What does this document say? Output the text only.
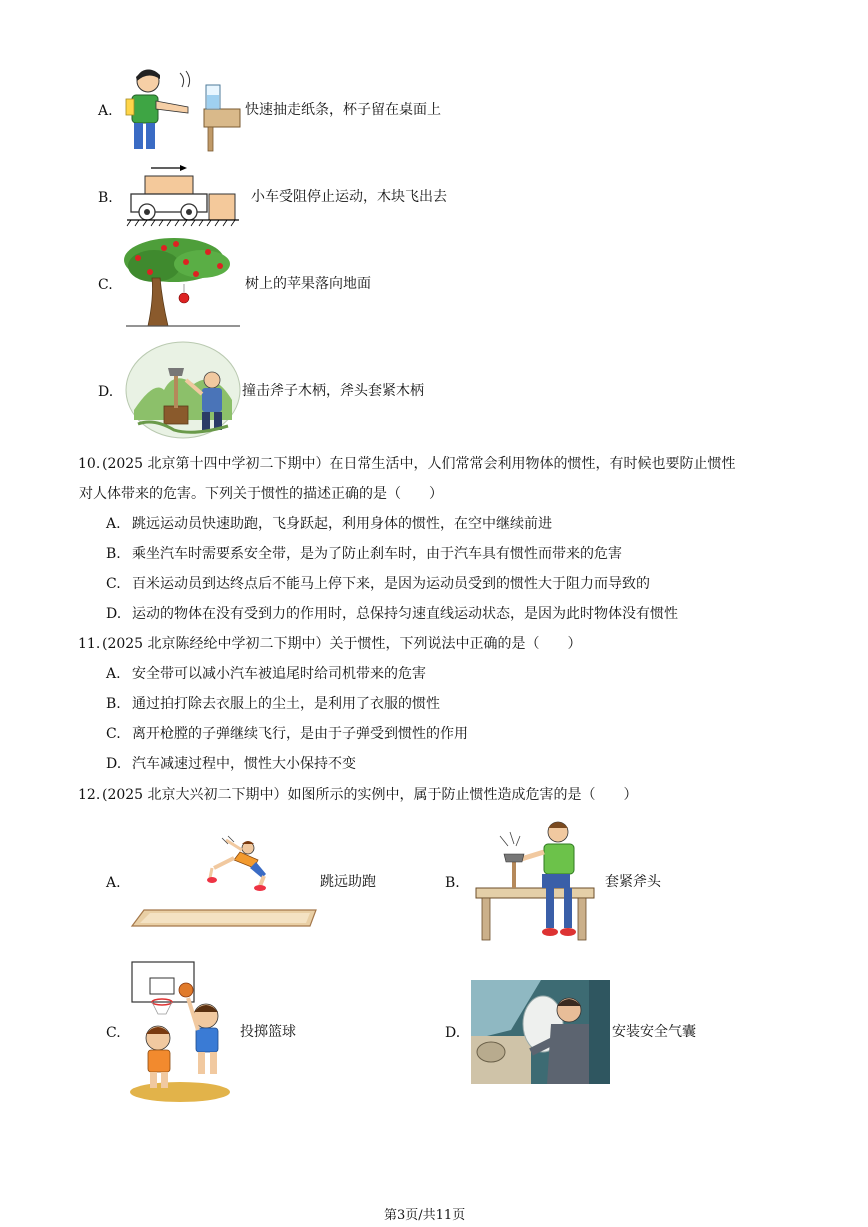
A.	快速抽走纸条，杯子留在桌面上
B.	小车受阻停止运动，木块飞出去
C.	树上的苹果落向地面
D.	撞击斧子木柄，斧头套紧木柄
10. (2025 北京第十四中学初二下期中）在日常生活中，人们常常会利用物体的惯性，有时候也要防止惯性
对人体带来的危害。下列关于惯性的描述正确的是（　　）
A. 跳远运动员快速助跑，飞身跃起，利用身体的惯性，在空中继续前进
B. 乘坐汽车时需要系安全带，是为了防止刹车时，由于汽车具有惯性而带来的危害
C. 百米运动员到达终点后不能马上停下来，是因为运动员受到的惯性大于阻力而导致的
D. 运动的物体在没有受到力的作用时，总保持匀速直线运动状态，是因为此时物体没有惯性
11. (2025 北京陈经纶中学初二下期中）关于惯性，下列说法中正确的是（　　）
A. 安全带可以减小汽车被追尾时给司机带来的危害
B. 通过拍打除去衣服上的尘土，是利用了衣服的惯性
C. 离开枪膛的子弹继续飞行，是由于子弹受到惯性的作用
D. 汽车减速过程中，惯性大小保持不变
12. (2025 北京大兴初二下期中）如图所示的实例中，属于防止惯性造成危害的是（　　）
A.	跳远助跑	B.	套紧斧头
C.	投掷篮球	D.	安装安全气囊
第3页/共11页
